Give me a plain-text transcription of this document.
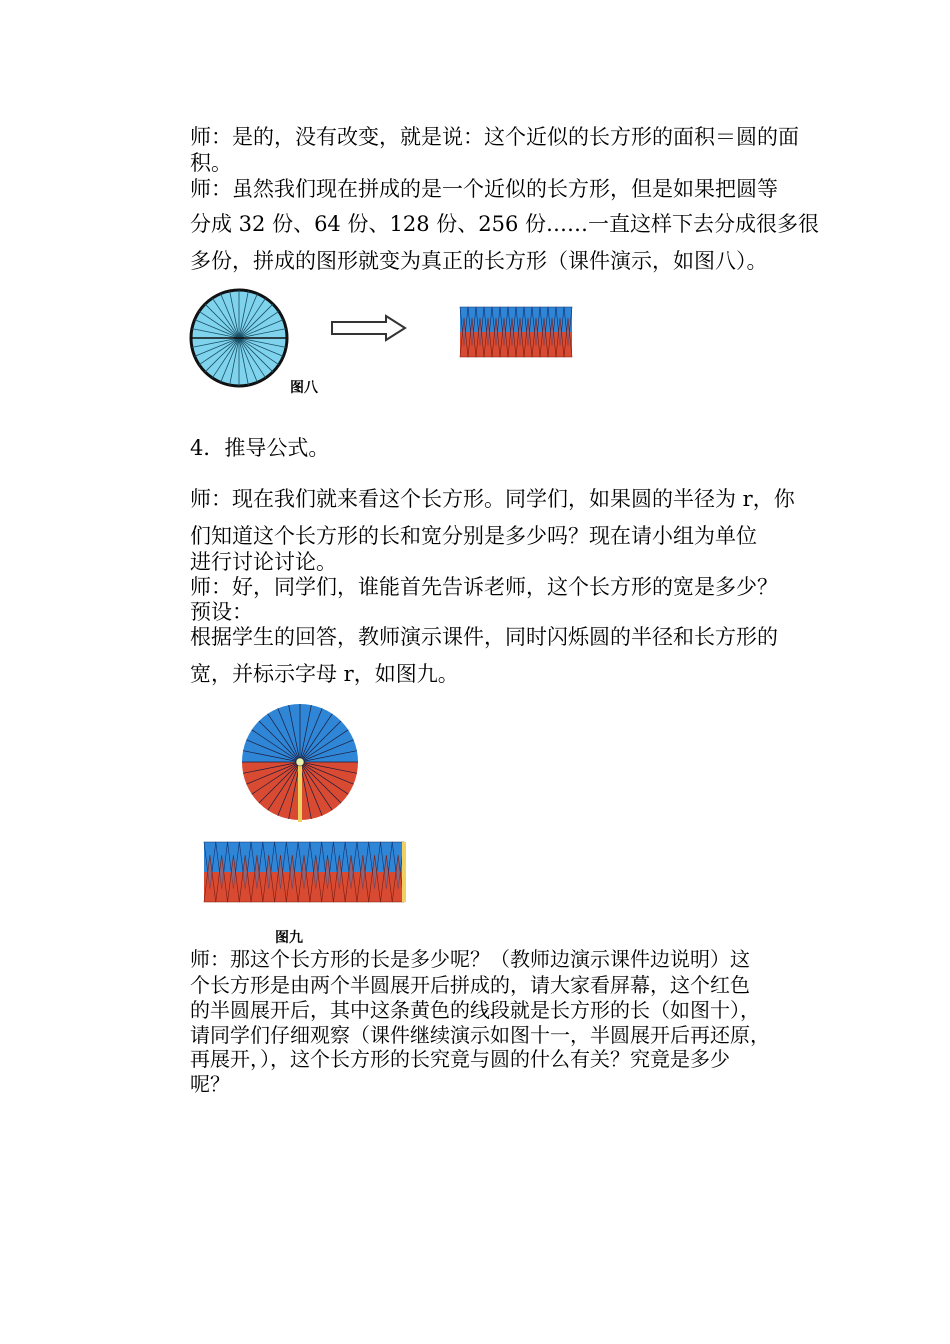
师：是的，没有改变，就是说：这个近似的长方形的面积＝圆的面
积。
师：虽然我们现在拼成的是一个近似的长方形，但是如果把圆等
分成 32 份、64 份、128 份、256 份……一直这样下去分成很多很
多份，拼成的图形就变为真正的长方形（课件演示，如图八）。
图八
4．推导公式。
师：现在我们就来看这个长方形。同学们，如果圆的半径为 r，你
们知道这个长方形的长和宽分别是多少吗？现在请小组为单位
进行讨论讨论。
师：好，同学们，谁能首先告诉老师，这个长方形的宽是多少？
预设：
根据学生的回答，教师演示课件，同时闪烁圆的半径和长方形的
宽，并标示字母 r，如图九。
图九
师：那这个长方形的长是多少呢？（教师边演示课件边说明）这
个长方形是由两个半圆展开后拼成的，请大家看屏幕，这个红色
的半圆展开后，其中这条黄色的线段就是长方形的长（如图十），
请同学们仔细观察（课件继续演示如图十一，半圆展开后再还原，
再展开，），这个长方形的长究竟与圆的什么有关？究竟是多少
呢？
